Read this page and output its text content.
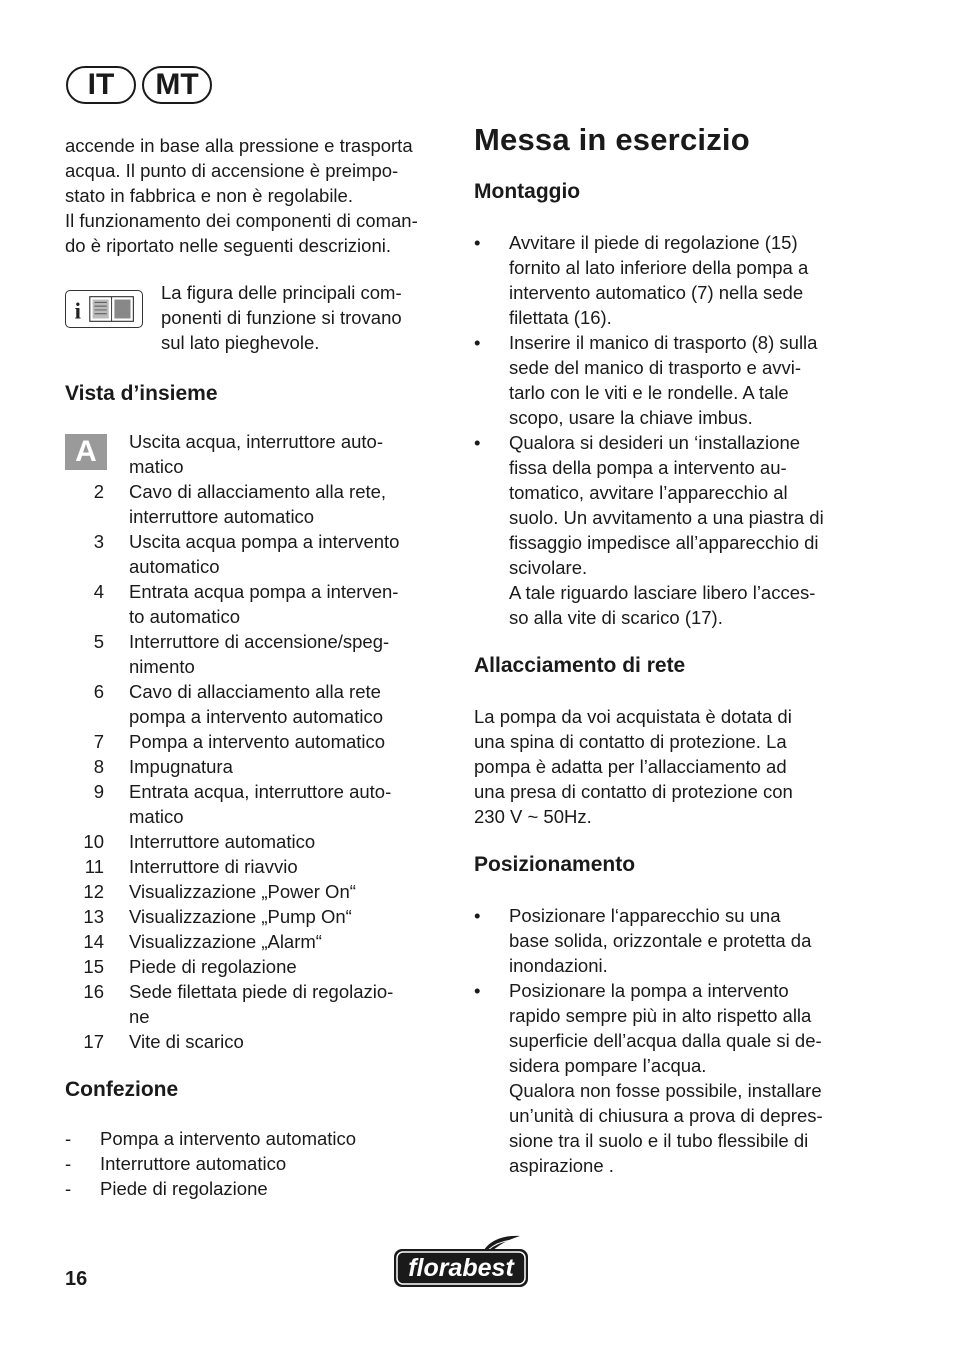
IT	MT

accende in base alla pressione e trasporta

acqua. Il punto di accensione è preimpo-

stato in fabbrica e non è regolabile.

Il funzionamento dei componenti di coman-

do è riportato nelle seguenti descrizioni.

i

La figura delle principali com-

ponenti di funzione si trovano

sul lato pieghevole.

Vista d’insieme
A	Uscita acqua, interruttore auto-
matico
2	Cavo di allacciamento alla rete,
interruttore automatico
3	Uscita acqua pompa a intervento
automatico
4	Entrata acqua pompa a interven-
to automatico
5	Interruttore di accensione/speg-
nimento
6	Cavo di allacciamento alla rete
pompa a intervento automatico
7	Pompa a intervento automatico
8	Impugnatura
9	Entrata acqua, interruttore auto-
matico
10	Interruttore automatico
11	Interruttore di riavvio
12	Visualizzazione „Power On“
13	Visualizzazione „Pump On“
14	Visualizzazione „Alarm“
15	Piede di regolazione
16	Sede filettata piede di regolazio-
ne
17	Vite di scarico
Confezione
-	Pompa a intervento automatico
-	Interruttore automatico
-	Piede di regolazione
Messa in esercizio
Montaggio
•	Avvitare il piede di regolazione (15)
fornito al lato inferiore della pompa a
intervento automatico (7) nella sede
filettata (16).
•	Inserire il manico di trasporto (8) sulla
sede del manico di trasporto e avvi-
tarlo con le viti e le rondelle. A tale
scopo, usare la chiave imbus.
•	Qualora si desideri un ‘installazione
fissa della pompa a intervento au-
tomatico, avvitare l’apparecchio al
suolo. Un avvitamento a una piastra di
fissaggio impedisce all’apparecchio di
scivolare.
A tale riguardo lasciare libero l’acces-
so alla vite di scarico (17).
Allacciamento di rete

La pompa da voi acquistata è dotata di

una spina di contatto di protezione. La

pompa è adatta per l’allacciamento ad

una presa di contatto di protezione con

230 V ~ 50Hz.

Posizionamento
•	Posizionare l‘apparecchio su una
base solida, orizzontale e protetta da
inondazioni.
•	Posizionare la pompa a intervento
rapido sempre più in alto rispetto alla
superficie dell’acqua dalla quale si de-
sidera pompare l’acqua.
Qualora non fosse possibile, installare
un’unità di chiusura a prova di depres-
sione tra il suolo e il tubo flessibile di
aspirazione .
16	florabest
